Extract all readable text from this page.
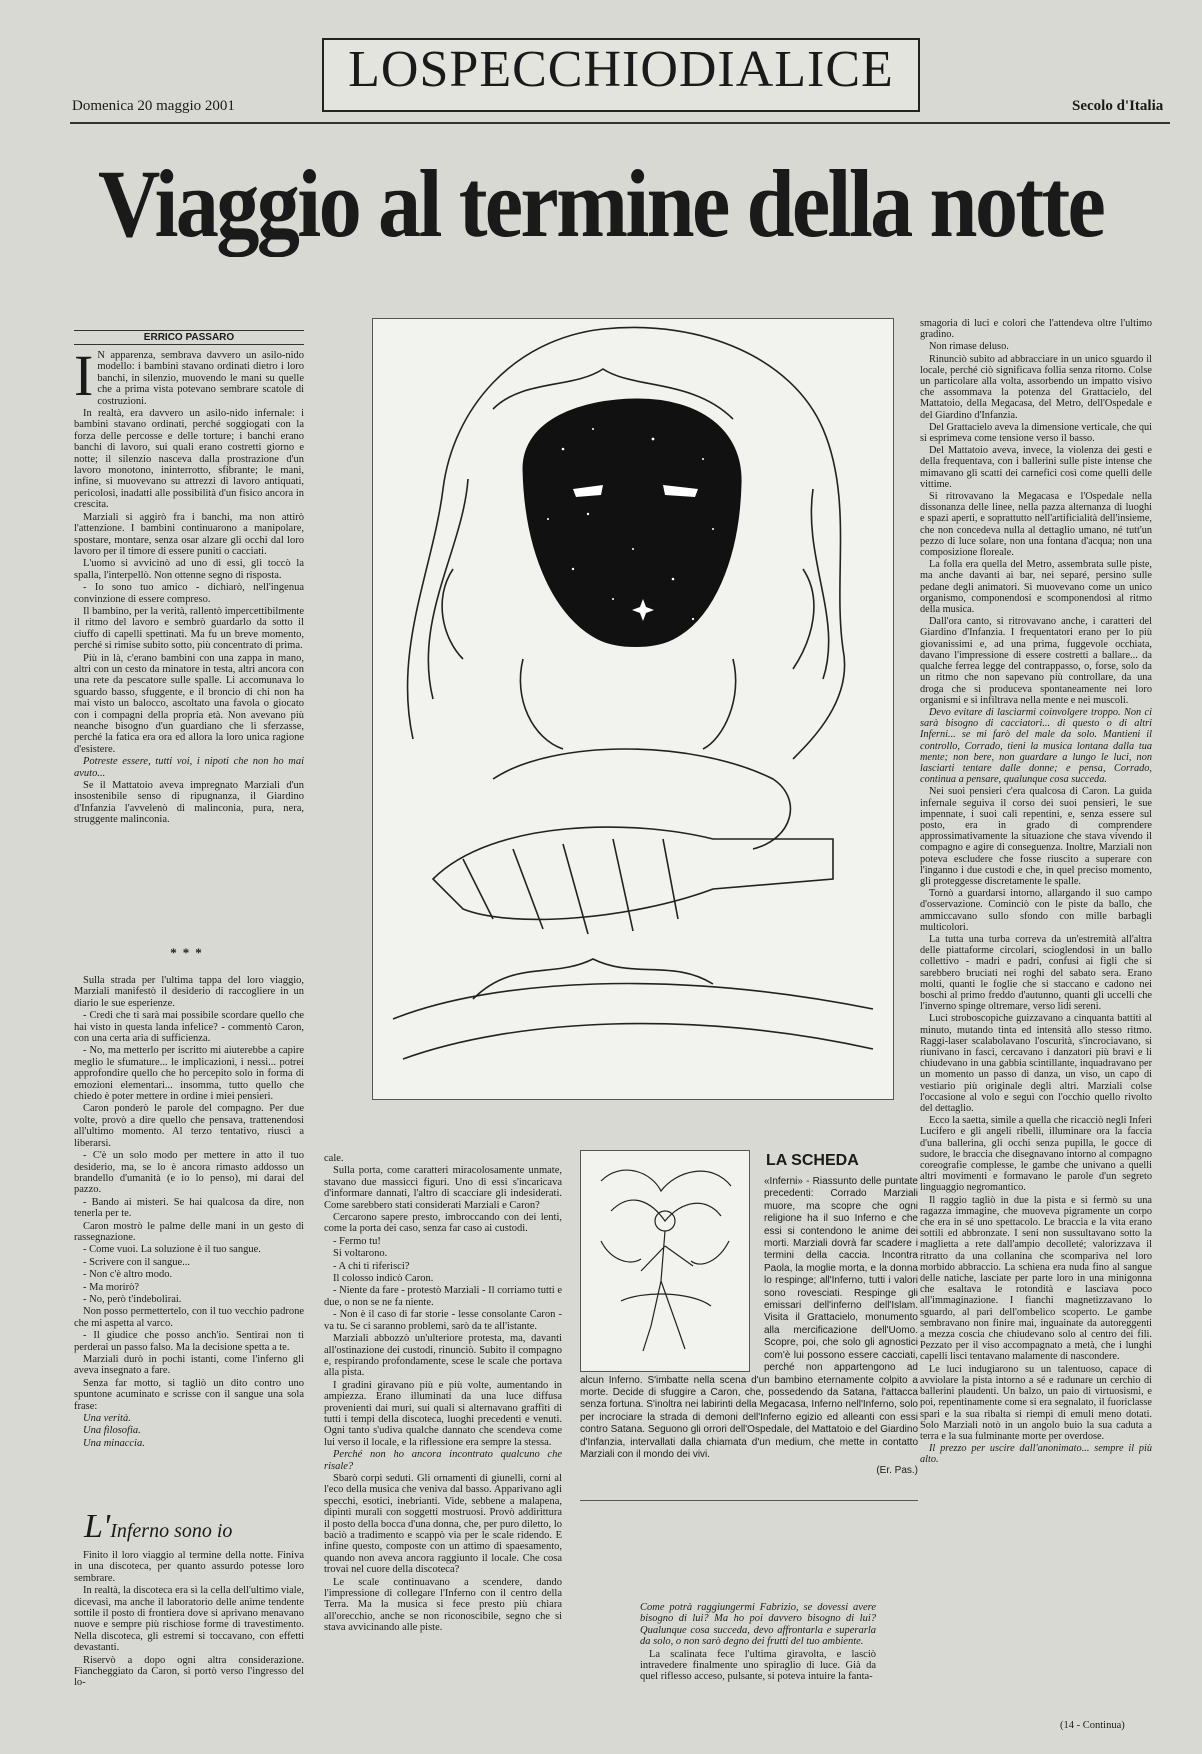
Domenica 20 maggio 2001
LOSPECCHIODIALICE
Secolo d'Italia
Viaggio al termine della notte
ERRICO PASSARO

I N apparenza, sembrava davvero un asilo-nido modello: i bambini stavano ordinati dietro i loro banchi, in silenzio, muovendo le mani su quelle che a prima vista potevano sembrare scatole di costruzioni.

In realtà, era davvero un asilo-nido infernale: i bambini stavano ordinati, perché soggiogati con la forza delle percosse e delle torture; i banchi erano banchi di lavoro, sui quali erano costretti giorno e notte; il silenzio nasceva dalla prostrazione d'un lavoro monotono, ininterrotto, sfibrante; le mani, infine, si muovevano su attrezzi di lavoro antiquati, pericolosi, inadatti alle possibilità d'un fisico ancora in crescita.

Marziali si aggirò fra i banchi, ma non attirò l'attenzione. I bambini continuarono a manipolare, spostare, montare, senza osar alzare gli occhi dal loro lavoro per il timore di essere puniti o cacciati.

L'uomo si avvicinò ad uno di essi, gli toccò la spalla, l'interpellò. Non ottenne segno di risposta.

- Io sono tuo amico - dichiarò, nell'ingenua convinzione di essere compreso.

Il bambino, per la verità, rallentò impercettibilmente il ritmo del lavoro e sembrò guardarlo da sotto il ciuffo di capelli spettinati. Ma fu un breve momento, perché si rimise subito sotto, più concentrato di prima.

Più in là, c'erano bambini con una zappa in mano, altri con un cesto da minatore in testa, altri ancora con una rete da pescatore sulle spalle. Li accomunava lo sguardo basso, sfuggente, e il broncio di chi non ha mai visto un balocco, ascoltato una favola o giocato con i compagni della propria età. Non avevano più neanche bisogno d'un guardiano che li sferzasse, perché la fatica era ora ed allora la loro unica ragione d'esistere.

Potreste essere, tutti voi, i nipoti che non ho mai avuto...

Se il Mattatoio aveva impregnato Marziali d'un insostenibile senso di ripugnanza, il Giardino d'Infanzia l'avvelenò di malinconia, pura, nera, struggente malinconia.

***

Sulla strada per l'ultima tappa del loro viaggio, Marziali manifestò il desiderio di raccogliere in un diario le sue esperienze.

- Credi che ti sarà mai possibile scordare quello che hai visto in questa landa infelice? - commentò Caron, con una certa aria di sufficienza.

- No, ma metterlo per iscritto mi aiuterebbe a capire meglio le sfumature... le implicazioni, i nessi... potrei approfondire quello che ho percepito solo in forma di emozioni elementari... insomma, tutto quello che chiedo è poter mettere in ordine i miei pensieri.

Caron ponderò le parole del compagno. Per due volte, provò a dire quello che pensava, trattenendosi all'ultimo momento. Al terzo tentativo, riuscì a liberarsi.

- C'è un solo modo per mettere in atto il tuo desiderio, ma, se lo è ancora rimasto addosso un brandello d'umanità (e io lo penso), mi darai del pazzo.

- Bando ai misteri. Se hai qualcosa da dire, non tenerla per te.

Caron mostrò le palme delle mani in un gesto di rassegnazione.

- Come vuoi. La soluzione è il tuo sangue.

- Scrivere con il sangue...

- Non c'è altro modo.

- Ma morirò?

- No, però t'indebolirai.

Non posso permettertelo, con il tuo vecchio padrone che mi aspetta al varco.

- Il giudice che posso anch'io. Sentirai non ti perderai un passo falso. Ma la decisione spetta a te.

Marziali durò in pochi istanti, come l'inferno gli aveva insegnato a fare.

Senza far motto, si tagliò un dito contro uno spuntone acuminato e scrisse con il sangue una sola frase:

Una verità.

Una filosofia.

Una minaccia.

L'Inferno sono io

Finito il loro viaggio al termine della notte. Finiva in una discoteca, per quanto assurdo potesse loro sembrare.

In realtà, la discoteca era sì la cella dell'ultimo viale, dicevasi, ma anche il laboratorio delle anime tendente sottile il posto di frontiera dove si aprivano menavano nuove e sempre più rischiose forme di travestimento. Nella discoteca, gli estremi si toccavano, con effetti devastanti.

Riservò a dopo ogni altra considerazione. Fiancheggiato da Caron, si portò verso l'ingresso del lo-

cale.

Sulla porta, come caratteri miracolosamente unmate, stavano due massicci figuri. Uno di essi s'incaricava d'informare dannati, l'altro di scacciare gli indesiderati. Come sarebbero stati considerati Marziali e Caron?

Cercarono sapere presto, imbroccando con dei lenti, come la porta dei caso, senza far caso ai custodi.

- Fermo tu!

Si voltarono.

- A chi ti riferisci?

Il colosso indicò Caron.

- Niente da fare - protestò Marziali - Il corriamo tutti e due, o non se ne fa niente.

- Non è il caso di far storie - lesse consolante Caron - va tu. Se ci saranno problemi, sarò da te all'istante.

Marziali abbozzò un'ulteriore protesta, ma, davanti all'ostinazione dei custodi, rinunciò. Subito il compagno e, respirando profondamente, scese le scale che portava alla pista.

I gradini giravano più e più volte, aumentando in ampiezza. Erano illuminati da una luce diffusa provenienti dai muri, sui quali si alternavano graffiti di tutti i tempi della discoteca, luoghi precedenti e venuti. Ogni tanto s'udiva qualche dannato che scendeva come lui verso il locale, e la riflessione era sempre la stessa.

Perché non ho ancora incontrato qualcuno che risale?

Sbarò corpi seduti. Gli ornamenti di giunelli, corni al l'eco della musica che veniva dal basso. Apparivano agli specchi, esotici, inebrianti. Vide, sebbene a malapena, dipinti murali con soggetti mostruosi. Provò addirittura il posto della bocca d'una donna, che, per puro diletto, lo baciò a tradimento e scappò via per le scale ridendo. E infine questo, composte con un attimo di spaesamento, quando non aveva ancora raggiunto il locale. Che cosa trovai nel cuore della discoteca?

Le scale continuavano a scendere, dando l'impressione di collegare l'Inferno con il centro della Terra. Ma la musica si fece presto più chiara all'orecchio, anche se non riconoscibile, segno che si stava avvicinando alle piste.

LA SCHEDA
«Inferni» - Riassunto delle puntate precedenti: Corrado Marziali muore, ma scopre che ogni religione ha il suo Inferno e che essi si contendono le anime dei morti. Marziali dovrà far scadere i termini della caccia. Incontra Paola, la moglie morta, e la donna lo respinge; all'Inferno, tutti i valori sono rovesciati. Respinge gli emissari dell'inferno dell'Islam. Visita il Grattacielo, monumento alla mercificazione dell'Uomo. Scopre, poi, che solo gli agnostici com'è lui possono essere cacciati, perché non appartengono ad alcun Inferno. S'imbatte nella scena d'un bambino eternamente colpito a morte. Decide di sfuggire a Caron, che, possedendo da Satana, l'attacca senza fortuna. S'inoltra nei labirinti della Megacasa, Inferno nell'Inferno, solo per incrociare la strada di demoni dell'Inferno egizio ed alleanti con essi contro Satana. Seguono gli orrori dell'Ospedale, del Mattatoio e del Giardino d'Infanzia, intervallati dalla chiamata d'un medium, che mette in contatto Marziali con il mondo dei vivi.
(Er. Pas.)

Come potrà raggiungermi Fabrizio, se dovessi avere bisogno di lui? Ma ho poi davvero bisogno di lui? Qualunque cosa succeda, devo affrontarla e superarla da solo, o non sarò degno dei frutti del tuo ambiente.

La scalinata fece l'ultima giravolta, e lasciò intravedere finalmente uno spiraglio di luce. Già da quel riflesso acceso, pulsante, si poteva intuire la fanta-

smagoria di luci e colori che l'attendeva oltre l'ultimo gradino.

Non rimase deluso.

Rinunciò subito ad abbracciare in un unico sguardo il locale, perché ciò significava follia senza ritorno. Colse un particolare alla volta, assorbendo un impatto visivo che assommava la potenza del Grattacielo, del Mattatoio, della Megacasa, del Metro, dell'Ospedale e del Giardino d'Infanzia.

Del Grattacielo aveva la dimensione verticale, che qui si esprimeva come tensione verso il basso.

Del Mattatoio aveva, invece, la violenza dei gesti e della frequentava, con i ballerini sulle piste intense che mimavano gli scatti dei carnefici così come quelli delle vittime.

Si ritrovavano la Megacasa e l'Ospedale nella dissonanza delle linee, nella pazza alternanza di luoghi e spazi aperti, e soprattutto nell'artificialità dell'insieme, che non concedeva nulla al dettaglio umano, né tutt'un pezzo di luce solare, non una fontana d'acqua; non una composizione floreale.

La folla era quella del Metro, assembrata sulle piste, ma anche davanti ai bar, nei separé, persino sulle pedane degli animatori. Si muovevano come un unico organismo, componendosi e scomponendosi al ritmo della musica.

Dall'ora canto, si ritrovavano anche, i caratteri del Giardino d'Infanzia. I frequentatori erano per lo più giovanissimi e, ad una prima, fuggevole occhiata, davano l'impressione di essere costretti a ballare... da qualche ferrea legge del contrappasso, o, forse, solo da un ritmo che non sapevano più controllare, da una droga che si produceva spontaneamente nei loro organismi e si infiltrava nella mente e nei muscoli.

Devo evitare di lasciarmi coinvolgere troppo. Non ci sarà bisogno di cacciatori... di questo o di altri Inferni... se mi farò del male da solo. Mantieni il controllo, Corrado, tieni la musica lontana dalla tua mente; non bere, non guardare a lungo le luci, non lasciarti tentare dalle donne; e pensa, Corrado, continua a pensare, qualunque cosa succeda.

Nei suoi pensieri c'era qualcosa di Caron. La guida infernale seguiva il corso dei suoi pensieri, le sue impennate, i suoi cali repentini, e, senza essere sul posto, era in grado di comprendere approssimativamente la situazione che stava vivendo il compagno e agire di conseguenza. Inoltre, Marziali non poteva escludere che fosse riuscito a superare con l'inganno i due custodi e che, in quel preciso momento, gli proteggesse discretamente le spalle.

Tornò a guardarsi intorno, allargando il suo campo d'osservazione. Cominciò con le piste da ballo, che ammiccavano sullo sfondo con mille barbagli multicolori.

La tutta una turba correva da un'estremità all'altra delle piattaforme circolari, scioglendosi in un ballo collettivo - madri e padri, confusi ai figli che si sarebbero bruciati nei roghi del sabato sera. Erano molti, quanti le foglie che si staccano e cadono nei boschi al primo freddo d'autunno, quanti gli uccelli che l'inverno spinge oltremare, verso lidi sereni.

Luci stroboscopiche guizzavano a cinquanta battiti al minuto, mutando tinta ed intensità allo stesso ritmo. Raggi-laser scalabolavano l'oscurità, s'incrociavano, si riunivano in fasci, cercavano i danzatori più bravi e li chiudevano in una gabbia scintillante, inquadravano per un momento un passo di danza, un viso, un capo di vestiario più originale degli altri. Marziali colse l'occasione al volo e seguì con l'occhio quello rivolto del dettaglio.

Ecco la saetta, simile a quella che ricacciò negli Inferi Lucifero e gli angeli ribelli, illuminare ora la faccia d'una ballerina, gli occhi senza pupilla, le gocce di sudore, le braccia che disegnavano intorno al compagno coreografie complesse, le gambe che univano a quelli altri movimenti e formavano le parole d'un segreto linguaggio negromantico.

Il raggio tagliò in due la pista e si fermò su una ragazza immagine, che muoveva pigramente un corpo che era in sé uno spettacolo. Le braccia e la vita erano sottili ed abbronzate. I seni non sussultavano sotto la maglietta a rete dall'ampio decolleté; valorizzava il ritratto da una collanina che scompariva nel loro morbido abbraccio. La schiena era nuda fino al sangue delle natiche, lasciate per parte loro in una minigonna che esaltava le rotondità e lasciava poco all'immaginazione. I fianchi magnetizzavano lo sguardo, al pari dell'ombelico scoperto. Le gambe sembravano non finire mai, inguainate da autoreggenti a mezza coscia che chiudevano solo al centro dei fili. Pezzato per il viso accompagnato a metà, che i lunghi capelli lisci tentavano malamente di nascondere.

Le luci indugiarono su un talentuoso, capace di avviolare la pista intorno a sé e radunare un cerchio di ballerini plaudenti. Un balzo, un paio di virtuosismi, e poi, repentinamente come si era segnalato, il fuoriclasse spari e la sua ribalta si riempì di emuli meno dotati. Solo Marziali notò in un angolo buio la sua caduta a terra e la sua fulminante morte per overdose.

Il prezzo per uscire dall'anonimato... sempre il più alto.

(14 - Continua)
